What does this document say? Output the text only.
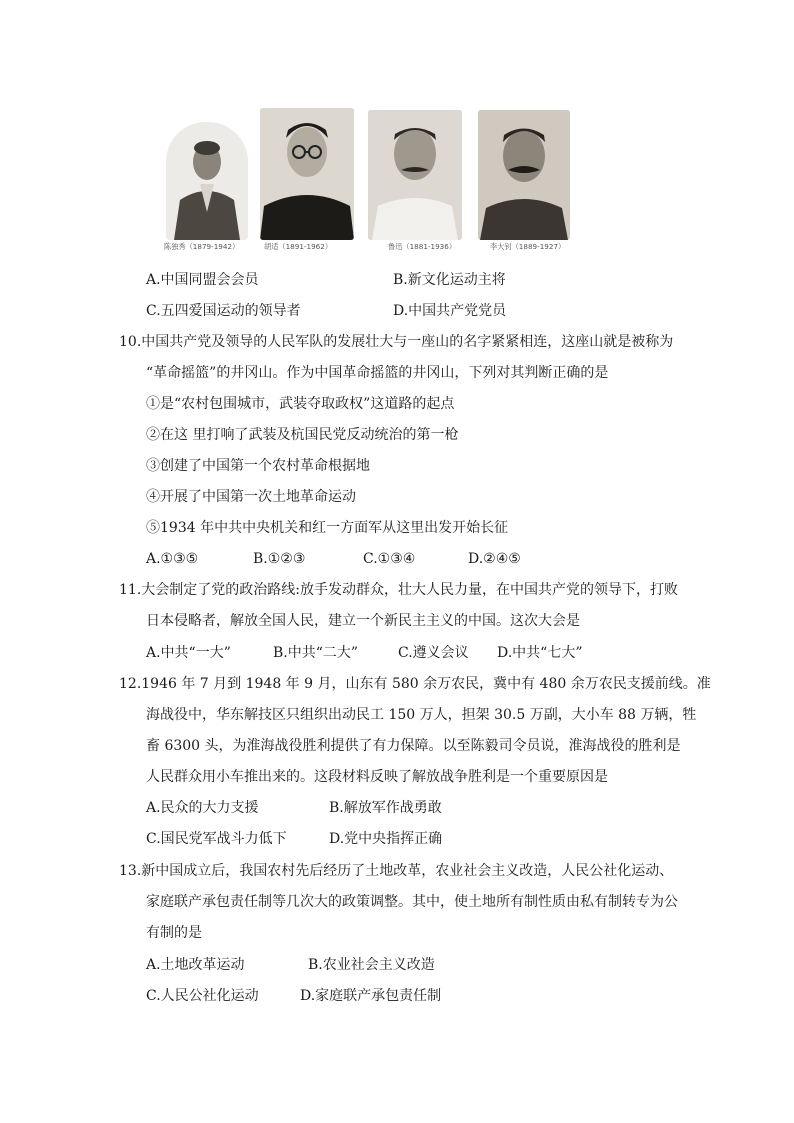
陈独秀（1879-1942）	胡适（1891-1962）	鲁迅（1881-1936）	李大钊（1889-1927）
A.中国同盟会会员	B.新文化运动主将
C.五四爱国运动的领导者	D.中国共产党党员
10.中国共产党及领导的人民军队的发展壮大与一座山的名字紧紧相连，这座山就是被称为
“革命摇篮”的井冈山。作为中国革命摇篮的井冈山，下列对其判断正确的是
①是“农村包围城市，武装夺取政权”这道路的起点
②在这 里打响了武装及杭国民党反动统治的第一枪
③创建了中国第一个农村革命根据地
④开展了中国第一次土地革命运动
⑤1934 年中共中央机关和红一方面军从这里出发开始长征
A.①③⑤	B.①②③	C.①③④	D.②④⑤
11.大会制定了党的政治路线:放手发动群众，壮大人民力量，在中国共产党的领导下，打败
日本侵略者，解放全国人民，建立一个新民主主义的中国。这次大会是
A.中共“一大”	B.中共“二大”	C.遵义会议 D.中共“七大”
12.1946 年 7 月到 1948 年 9 月，山东有 580 余万农民，冀中有 480 余万农民支援前线。准
海战役中，华东解技区只组织出动民工 150 万人，担架 30.5 万副，大小车 88 万辆，牲
畜 6300 头，为淮海战役胜利提供了有力保障。以至陈毅司令员说，淮海战役的胜利是
人民群众用小车推出来的。这段材料反映了解放战争胜利是一个重要原因是
A.民众的大力支援	B.解放军作战勇敢
C.国民党军战斗力低下	D.党中央指挥正确
13.新中国成立后，我国农村先后经历了土地改革，农业社会主义改造，人民公社化运动、
家庭联产承包责任制等几次大的政策调整。其中，使土地所有制性质由私有制转专为公
有制的是
A.土地改革运动	B.农业社会主义改造
C.人民公社化运动	D.家庭联产承包责任制
